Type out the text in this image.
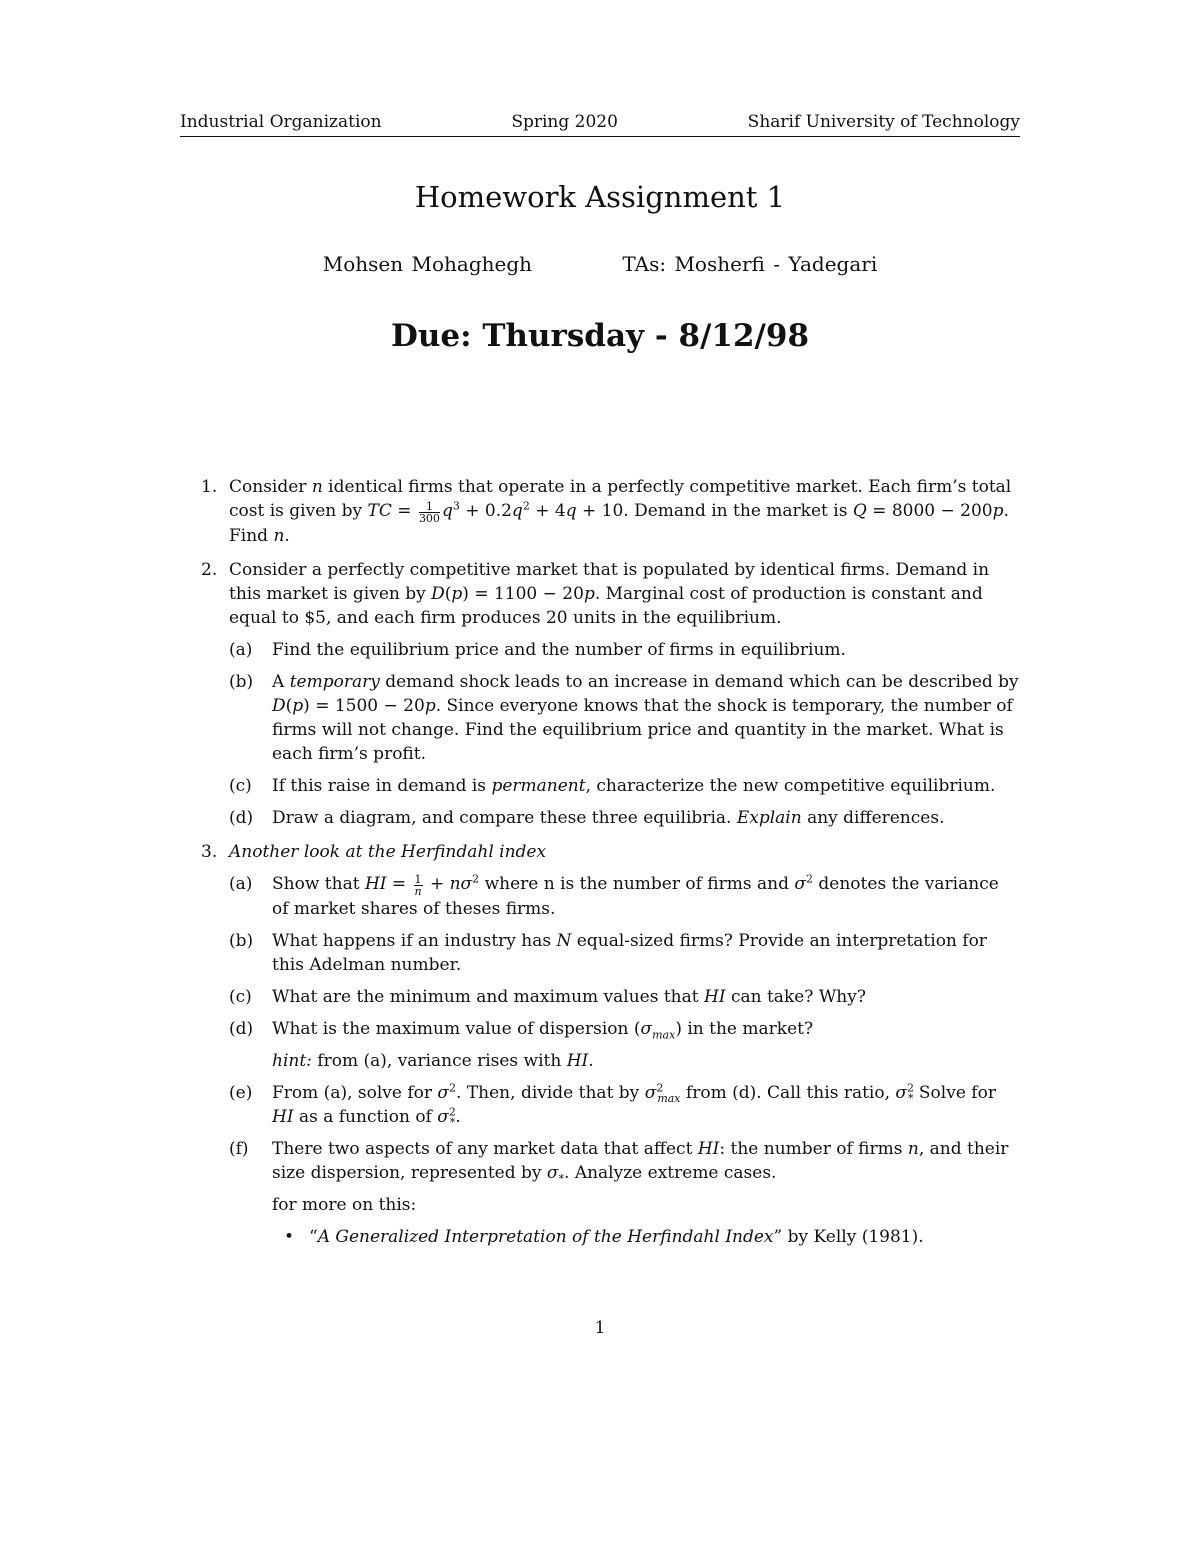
Industrial Organization	Spring 2020	Sharif University of Technology
Homework Assignment 1
Mohsen Mohaghegh	TAs: Mosherfi - Yadegari
Due: Thursday - 8/12/98
1. Consider n identical firms that operate in a perfectly competitive market. Each firm’s total cost is given by TC = $\frac{1}{300} q^3 + 0.2q^2 + 4q + 10$. Demand in the market is Q = 8000 − 200p. Find n.
2. Consider a perfectly competitive market that is populated by identical firms. Demand in this market is given by D(p) = 1100 − 20p. Marginal cost of production is constant and equal to $5, and each firm produces 20 units in the equilibrium.
(a) Find the equilibrium price and the number of firms in equilibrium.
(b) A temporary demand shock leads to an increase in demand which can be described by D(p) = 1500 − 20p. Since everyone knows that the shock is temporary, the number of firms will not change. Find the equilibrium price and quantity in the market. What is each firm’s profit.
(c) If this raise in demand is permanent, characterize the new competitive equilibrium.
(d) Draw a diagram, and compare these three equilibria. Explain any differences.
3. Another look at the Herfindahl index
(a) Show that HI = $\frac{1}{n} + n\sigma^2$ where n is the number of firms and $\sigma^2$ denotes the variance of market shares of theses firms.
(b) What happens if an industry has N equal-sized firms? Provide an interpretation for this Adelman number.
(c) What are the minimum and maximum values that HI can take? Why?
(d) What is the maximum value of dispersion $(\sigma_{max})$ in the market?
hint: from (a), variance rises with HI.
(e) From (a), solve for $\sigma^2$. Then, divide that by $\sigma^2_{max}$ from (d). Call this ratio, $\sigma^2_*$ Solve for HI as a function of $\sigma^2_*$.
(f) There two aspects of any market data that affect HI: the number of firms n, and their size dispersion, represented by $\sigma_*$. Analyze extreme cases.
for more on this:
• “A Generalized Interpretation of the Herfindahl Index” by Kelly (1981).
1
